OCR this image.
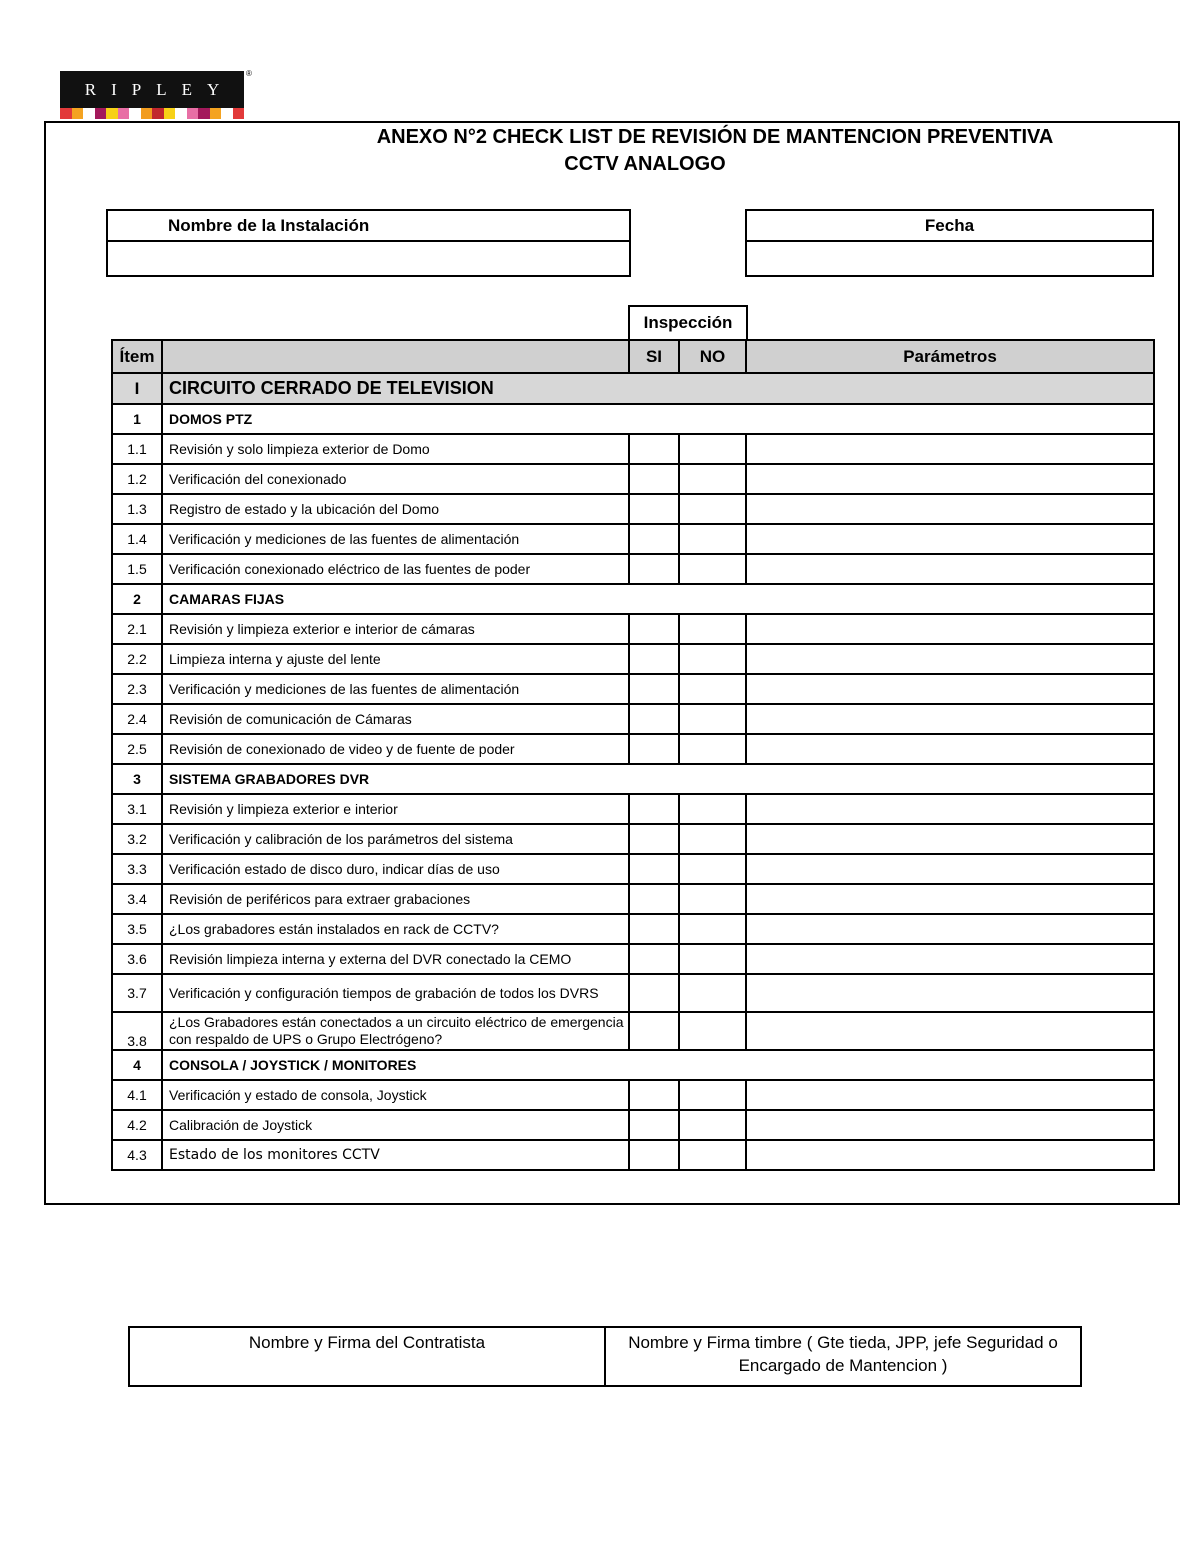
RIPLEY
®
ANEXO N°2 CHECK LIST DE REVISIÓN DE MANTENCION PREVENTIVA
CCTV ANALOGO
Nombre de la Instalación	Fecha
Inspección
Ítem		SI	NO	Parámetros
I	CIRCUITO CERRADO DE TELEVISION			
1	DOMOS PTZ			
1.1	Revisión y solo limpieza exterior de Domo			
1.2	Verificación del conexionado			
1.3	Registro de estado y la ubicación del Domo			
1.4	Verificación y mediciones de las fuentes de alimentación			
1.5	Verificación conexionado eléctrico de las fuentes de poder			
2	CAMARAS FIJAS			
2.1	Revisión y limpieza exterior e interior de cámaras			
2.2	Limpieza interna y ajuste del lente			
2.3	Verificación y mediciones de las fuentes de alimentación			
2.4	Revisión de comunicación de Cámaras			
2.5	Revisión de conexionado de video y de fuente de poder			
3	SISTEMA GRABADORES DVR			
3.1	Revisión y limpieza exterior e interior			
3.2	Verificación y calibración de los parámetros del sistema			
3.3	Verificación estado de disco duro, indicar días de uso			
3.4	Revisión de periféricos para extraer grabaciones			
3.5	¿Los grabadores están instalados en rack de CCTV?			
3.6	Revisión limpieza interna y externa del DVR conectado la CEMO			
3.7	Verificación y configuración tiempos de grabación de todos los DVRS			
3.8	¿Los Grabadores están conectados a un circuito eléctrico de emergencia con respaldo de UPS o Grupo Electrógeno?			
4	CONSOLA / JOYSTICK / MONITORES			
4.1	Verificación y estado de consola, Joystick			
4.2	Calibración de Joystick			
4.3	Estado de los monitores CCTV			
Nombre y Firma del Contratista	Nombre y Firma timbre ( Gte tieda, JPP, jefe Seguridad o Encargado de Mantencion )
